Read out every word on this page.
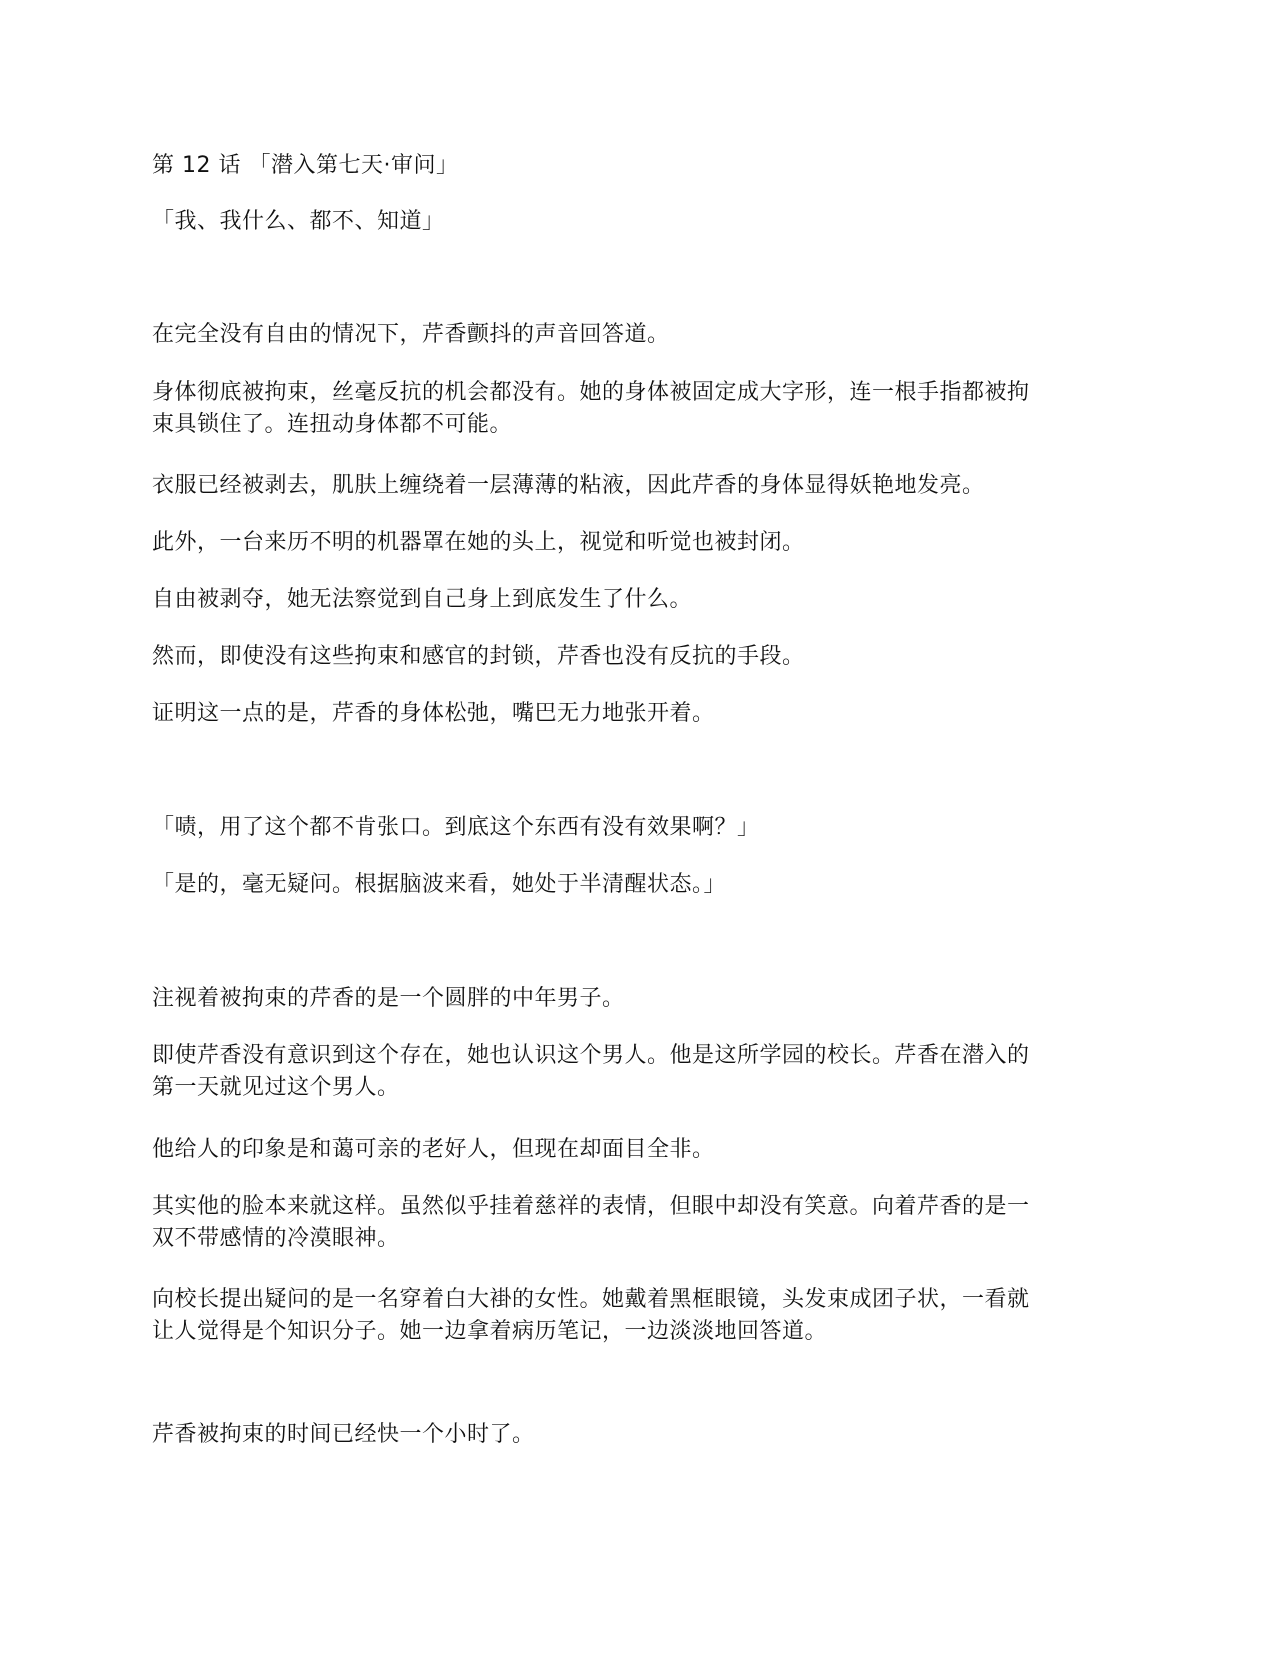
第 12 话 「潜入第七天·审问」
「我、我什么、都不、知道」
在完全没有自由的情况下，芹香颤抖的声音回答道。
身体彻底被拘束，丝毫反抗的机会都没有。她的身体被固定成大字形，连一根手指都被拘
束具锁住了。连扭动身体都不可能。
衣服已经被剥去，肌肤上缠绕着一层薄薄的粘液，因此芹香的身体显得妖艳地发亮。
此外，一台来历不明的机器罩在她的头上，视觉和听觉也被封闭。
自由被剥夺，她无法察觉到自己身上到底发生了什么。
然而，即使没有这些拘束和感官的封锁，芹香也没有反抗的手段。
证明这一点的是，芹香的身体松弛，嘴巴无力地张开着。
「啧，用了这个都不肯张口。到底这个东西有没有效果啊？」
「是的，毫无疑问。根据脑波来看，她处于半清醒状态。」
注视着被拘束的芹香的是一个圆胖的中年男子。
即使芹香没有意识到这个存在，她也认识这个男人。他是这所学园的校长。芹香在潜入的
第一天就见过这个男人。
他给人的印象是和蔼可亲的老好人，但现在却面目全非。
其实他的脸本来就这样。虽然似乎挂着慈祥的表情，但眼中却没有笑意。向着芹香的是一
双不带感情的冷漠眼神。
向校长提出疑问的是一名穿着白大褂的女性。她戴着黑框眼镜，头发束成团子状，一看就
让人觉得是个知识分子。她一边拿着病历笔记，一边淡淡地回答道。
芹香被拘束的时间已经快一个小时了。
